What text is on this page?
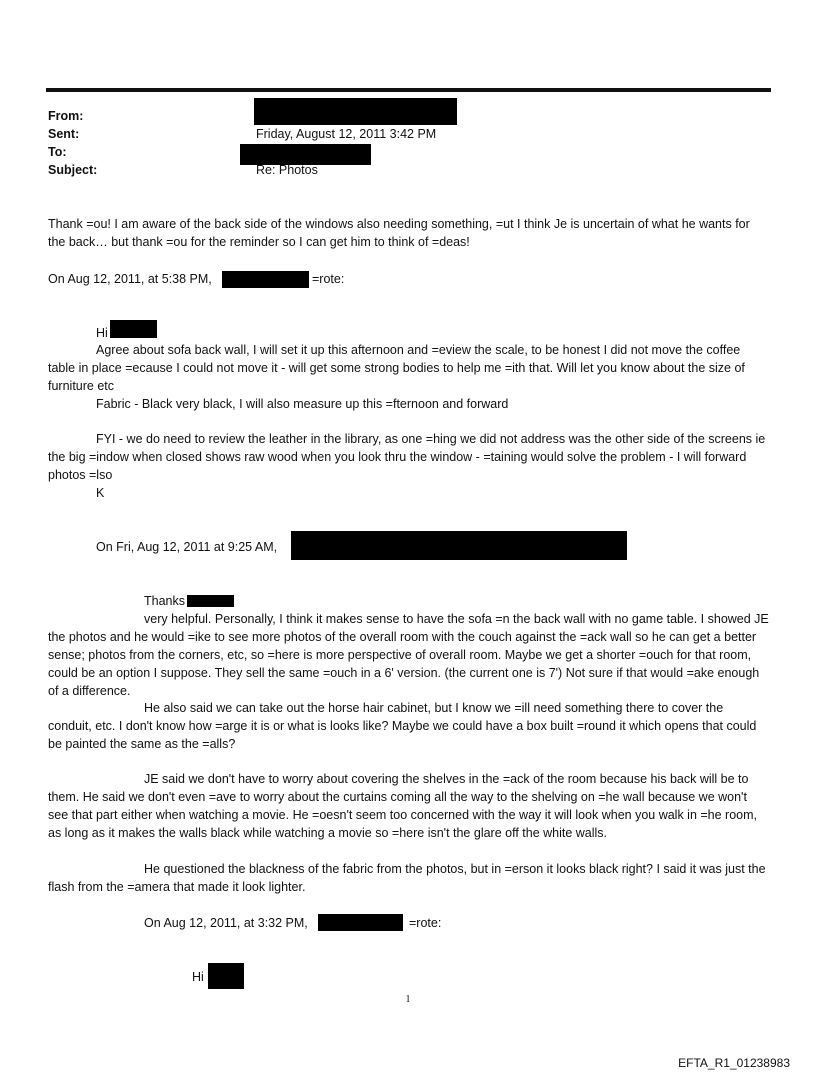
From:
Sent:	Friday, August 12, 2011 3:42 PM
To:
Subject:	Re: Photos
Thank =ou! I am aware of the back side of the windows also needing something, =ut I think Je is uncertain of what he wants for the back… but thank =ou for the reminder so I can get him to think of =deas!
On Aug 12, 2011, at 5:38 PM,	=rote:
Hi
Agree about sofa back wall, I will set it up this afternoon and =eview the scale, to be honest I did not move the coffee table in place =ecause I could not move it - will get some strong bodies to help me =ith that. Will let you know about the size of furniture etc
Fabric - Black very black, I will also measure up this =fternoon and forward
FYI - we do need to review the leather in the library, as one =hing we did not address was the other side of the screens ie the big =indow when closed shows raw wood when you look thru the window - =taining would solve the problem - I will forward photos =lso
K
On Fri, Aug 12, 2011 at 9:25 AM,
Thanks
very helpful. Personally, I think it makes sense to have the sofa =n the back wall with no game table. I showed JE the photos and he would =ike to see more photos of the overall room with the couch against the =ack wall so he can get a better sense; photos from the corners, etc, so =here is more perspective of overall room. Maybe we get a shorter =ouch for that room, could be an option I suppose. They sell the same =ouch in a 6' version. (the current one is 7') Not sure if that would =ake enough of a difference.
He also said we can take out the horse hair cabinet, but I know we =ill need something there to cover the conduit, etc. I don't know how =arge it is or what is looks like? Maybe we could have a box built =round it which opens that could be painted the same as the =alls?
JE said we don't have to worry about covering the shelves in the =ack of the room because his back will be to them. He said we don't even =ave to worry about the curtains coming all the way to the shelving on =he wall because we won't see that part either when watching a movie. He =oesn't seem too concerned with the way it will look when you walk in =he room, as long as it makes the walls black while watching a movie so =here isn't the glare off the white walls.
He questioned the blackness of the fabric from the photos, but in =erson it looks black right? I said it was just the flash from the =amera that made it look lighter.
On Aug 12, 2011, at 3:32 PM,	=rote:
Hi
1
EFTA_R1_01238983
